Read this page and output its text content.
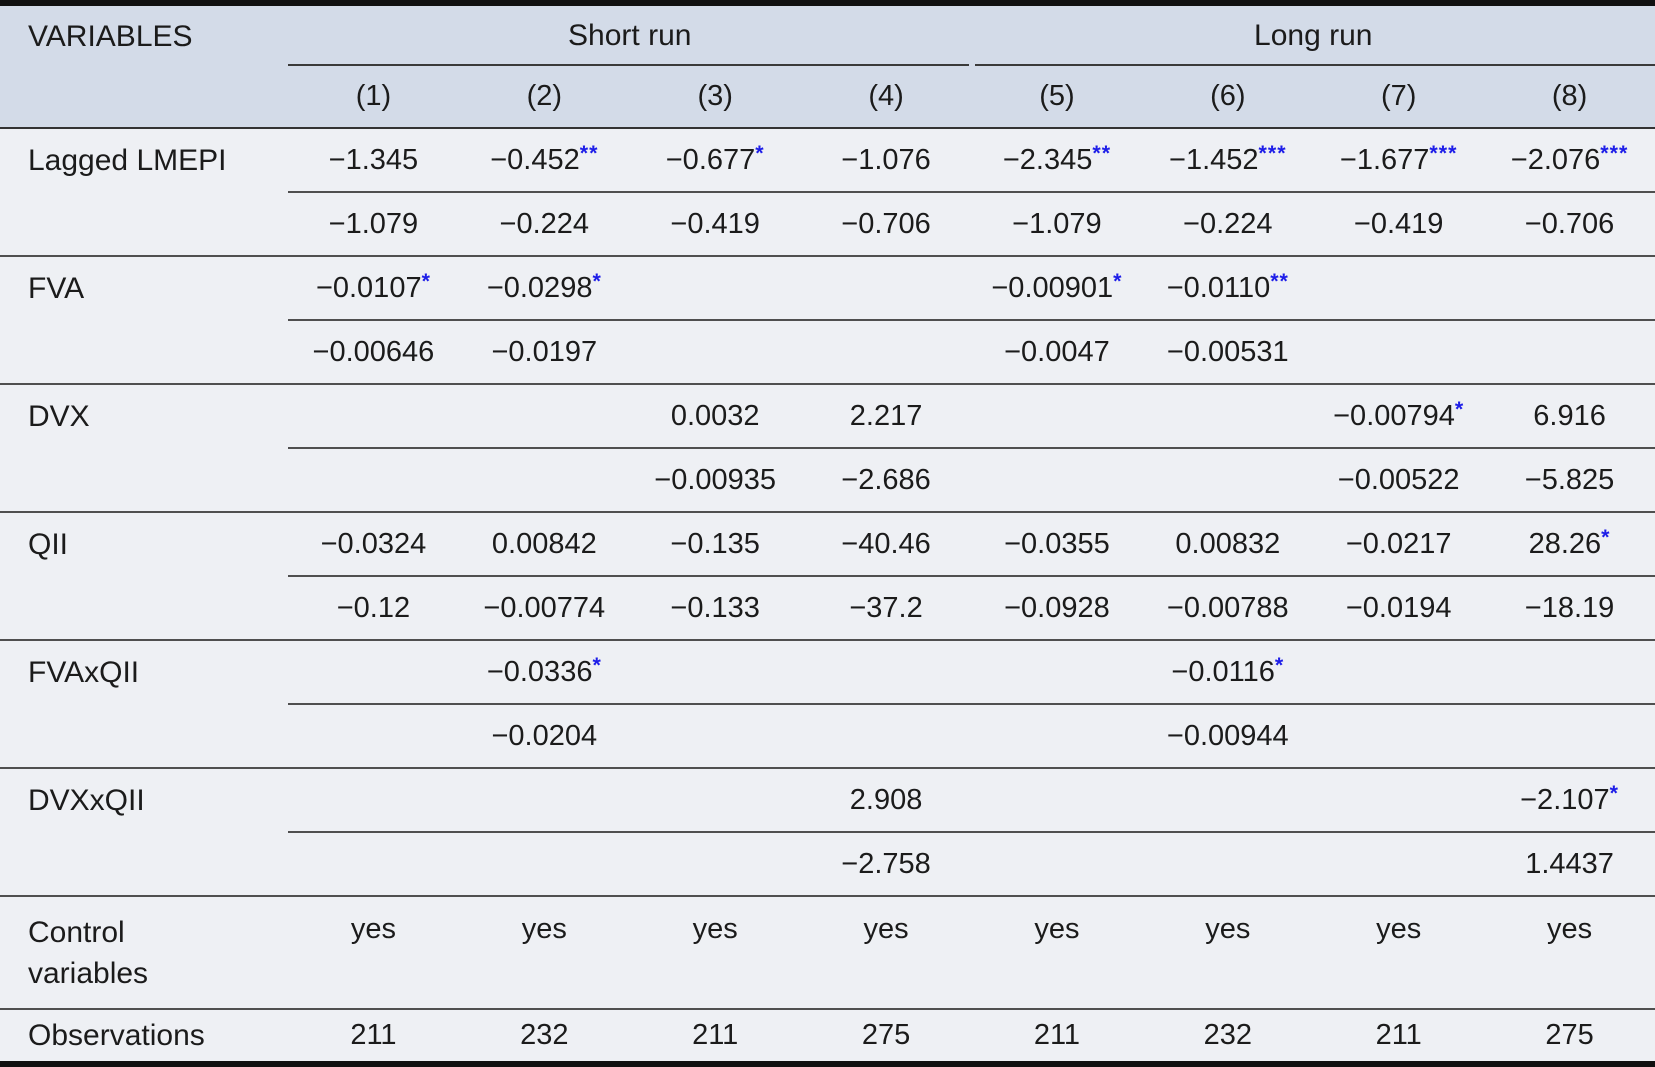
VARIABLES	Short run				Long run			

	(1)	(2)	(3)	(4)	(5)	(6)	(7)	(8)
Lagged LMEPI	−1.345	−0.452**	−0.677*	−1.076	−2.345**	−1.452***	−1.677***	−2.076***
	−1.079	−0.224	−0.419	−0.706	−1.079	−0.224	−0.419	−0.706
FVA	−0.0107*	−0.0298*			−0.00901*	−0.0110**		
	−0.00646	−0.0197			−0.0047	−0.00531		
DVX			0.0032	2.217			−0.00794*	6.916
			−0.00935	−2.686			−0.00522	−5.825
QII	−0.0324	0.00842	−0.135	−40.46	−0.0355	0.00832	−0.0217	28.26*
	−0.12	−0.00774	−0.133	−37.2	−0.0928	−0.00788	−0.0194	−18.19
FVAxQII		−0.0336*				−0.0116*		
		−0.0204				−0.00944		
DVXxQII				2.908				−2.107*
				−2.758				1.4437
Control variables	yes	yes	yes	yes	yes	yes	yes	yes
Observations	211	232	211	275	211	232	211	275
